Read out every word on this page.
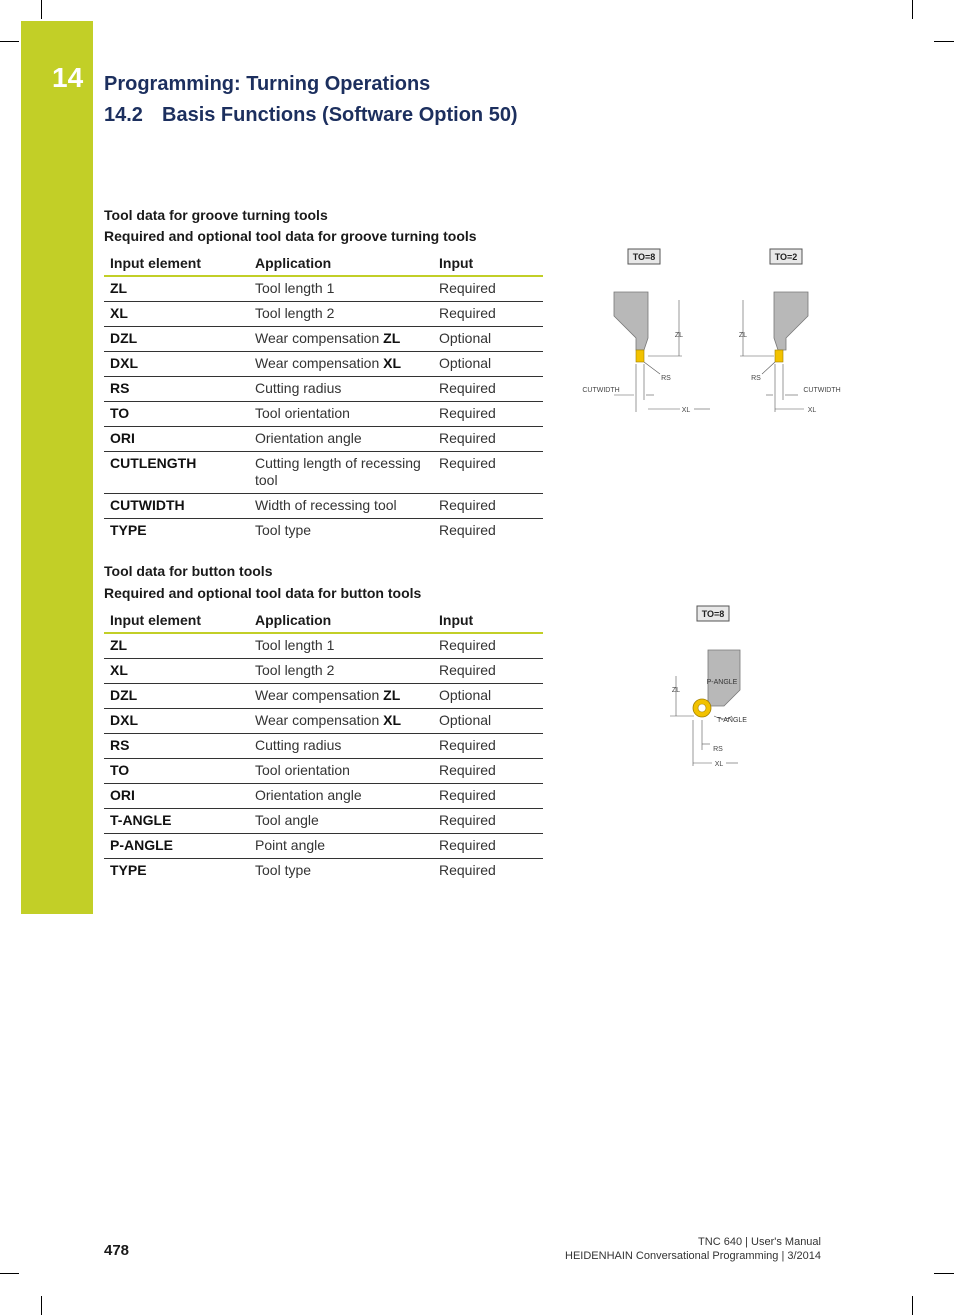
14 Programming: Turning Operations
14.2 Basis Functions (Software Option 50)
Tool data for groove turning tools
Required and optional tool data for groove turning tools
Input element	Application	Input
ZL	Tool length 1	Required
XL	Tool length 2	Required
DZL	Wear compensation ZL	Optional
DXL	Wear compensation XL	Optional
RS	Cutting radius	Required
TO	Tool orientation	Required
ORI	Orientation angle	Required
CUTLENGTH	Cutting length of recessing tool	Required
CUTWIDTH	Width of recessing tool	Required
TYPE	Tool type	Required
Tool data for button tools
Required and optional tool data for button tools
Input element	Application	Input
ZL	Tool length 1	Required
XL	Tool length 2	Required
DZL	Wear compensation ZL	Optional
DXL	Wear compensation XL	Optional
RS	Cutting radius	Required
TO	Tool orientation	Required
ORI	Orientation angle	Required
T-ANGLE	Tool angle	Required
P-ANGLE	Point angle	Required
TYPE	Tool type	Required
TO=8	TO=2
ZL
RS
CUTWIDTH
XL
ZL
RS
CUTWIDTH
XL
TO=8
P-ANGLE
ZL
T-ANGLE
RS
XL
478	TNC 640 | User's Manual
HEIDENHAIN Conversational Programming | 3/2014
